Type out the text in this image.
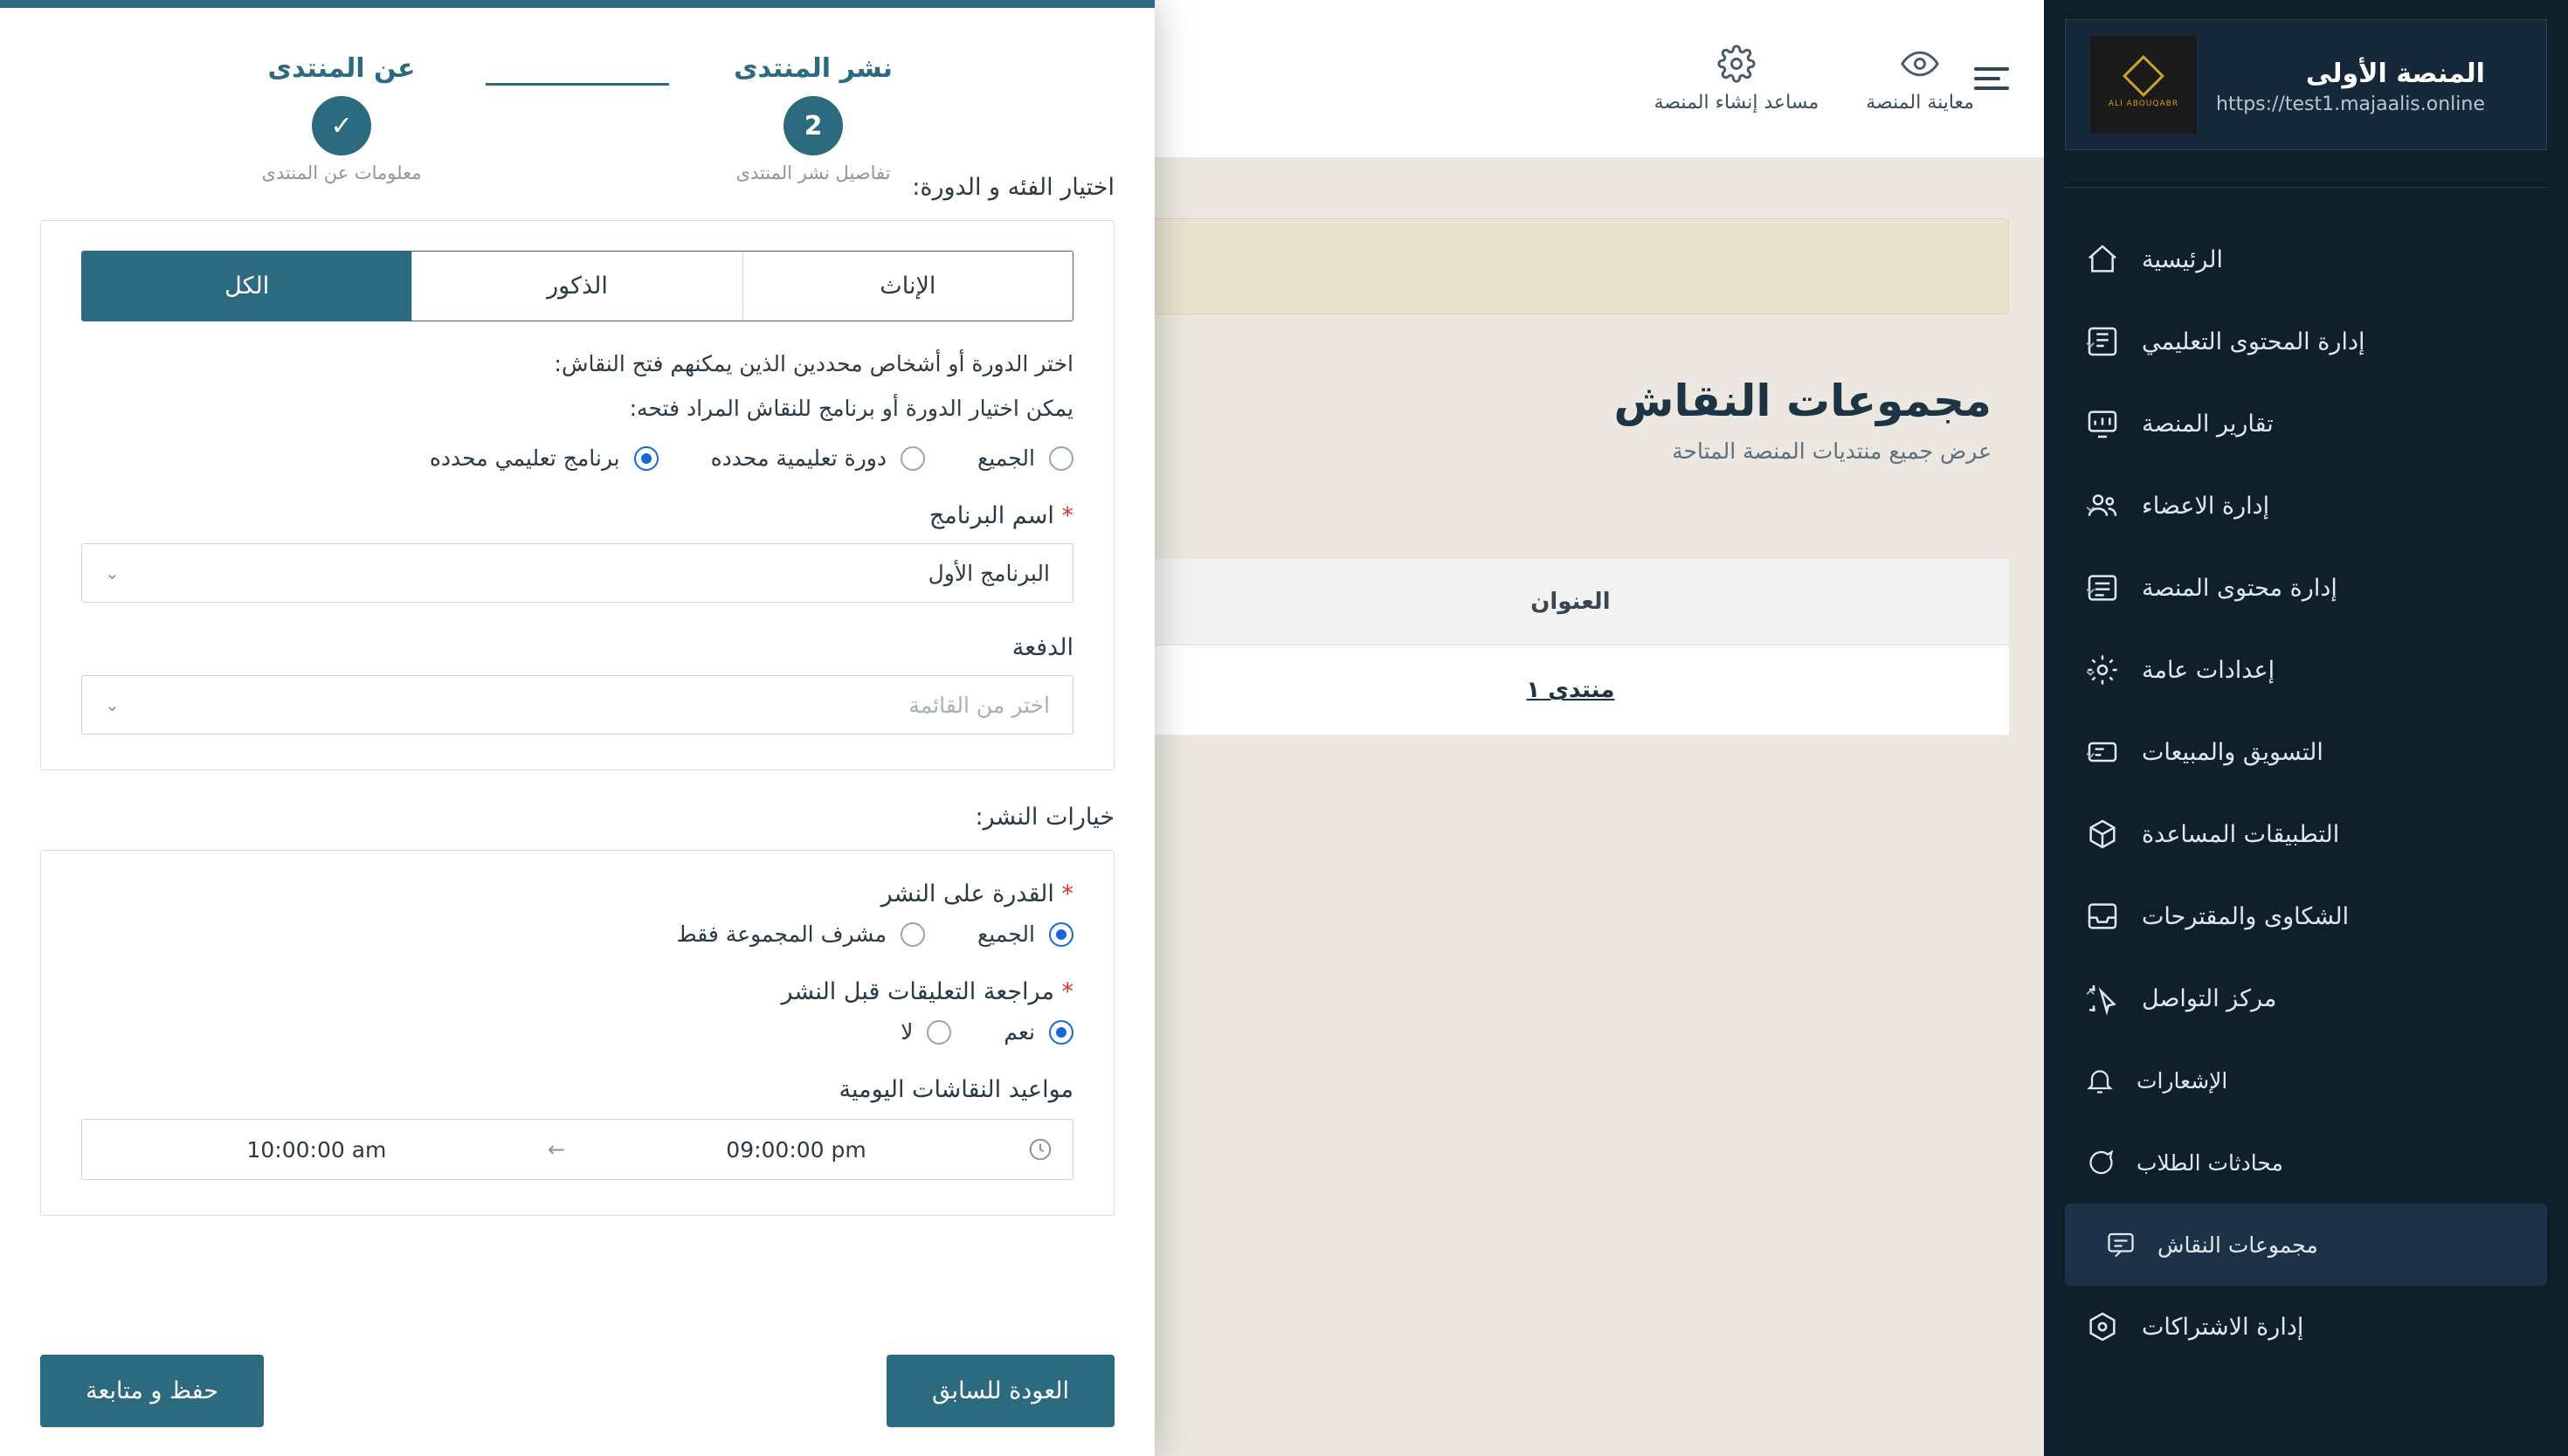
معاينة المنصة
مساعد إنشاء المنصة

مجموعات النقاش

عرض جميع منتديات المنصة المتاحة

العنوان	
منتدى ١	
المنصة الأولى
https://test1.majaalis.online
ALI ABOUQABR
الرئيسية
⌄ إدارة المحتوى التعليمي
تقارير المنصة
⌄ إدارة الاعضاء
⌄ إدارة محتوى المنصة
⌄ إعدادات عامة
⌄ التسويق والمبيعات
التطبيقات المساعدة
الشكاوى والمقترحات
⌃ مركز التواصل
الإشعارات
محادثات الطلاب
مجموعات النقاش
إدارة الاشتراكات
نشر المنتدى
2
تفاصيل نشر المنتدى
عن المنتدى
✓
معلومات عن المنتدى
اختيار الفئه و الدورة:
الإناث
الذكور
الكل
اختر الدورة أو أشخاص محددين الذين يمكنهم فتح النقاش:
يمكن اختيار الدورة أو برنامج للنقاش المراد فتحه:
الجميع
دورة تعليمية محدده
برنامج تعليمي محدده
* اسم البرنامج
البرنامج الأول
⌄
الدفعة
اختر من القائمة
⌄
خيارات النشر:
* القدرة على النشر
الجميع
مشرف المجموعة فقط
* مراجعة التعليقات قبل النشر
نعم
لا
مواعيد النقاشات اليومية
09:00:00 pm
←
10:00:00 am
العودة للسابق
حفظ و متابعة
